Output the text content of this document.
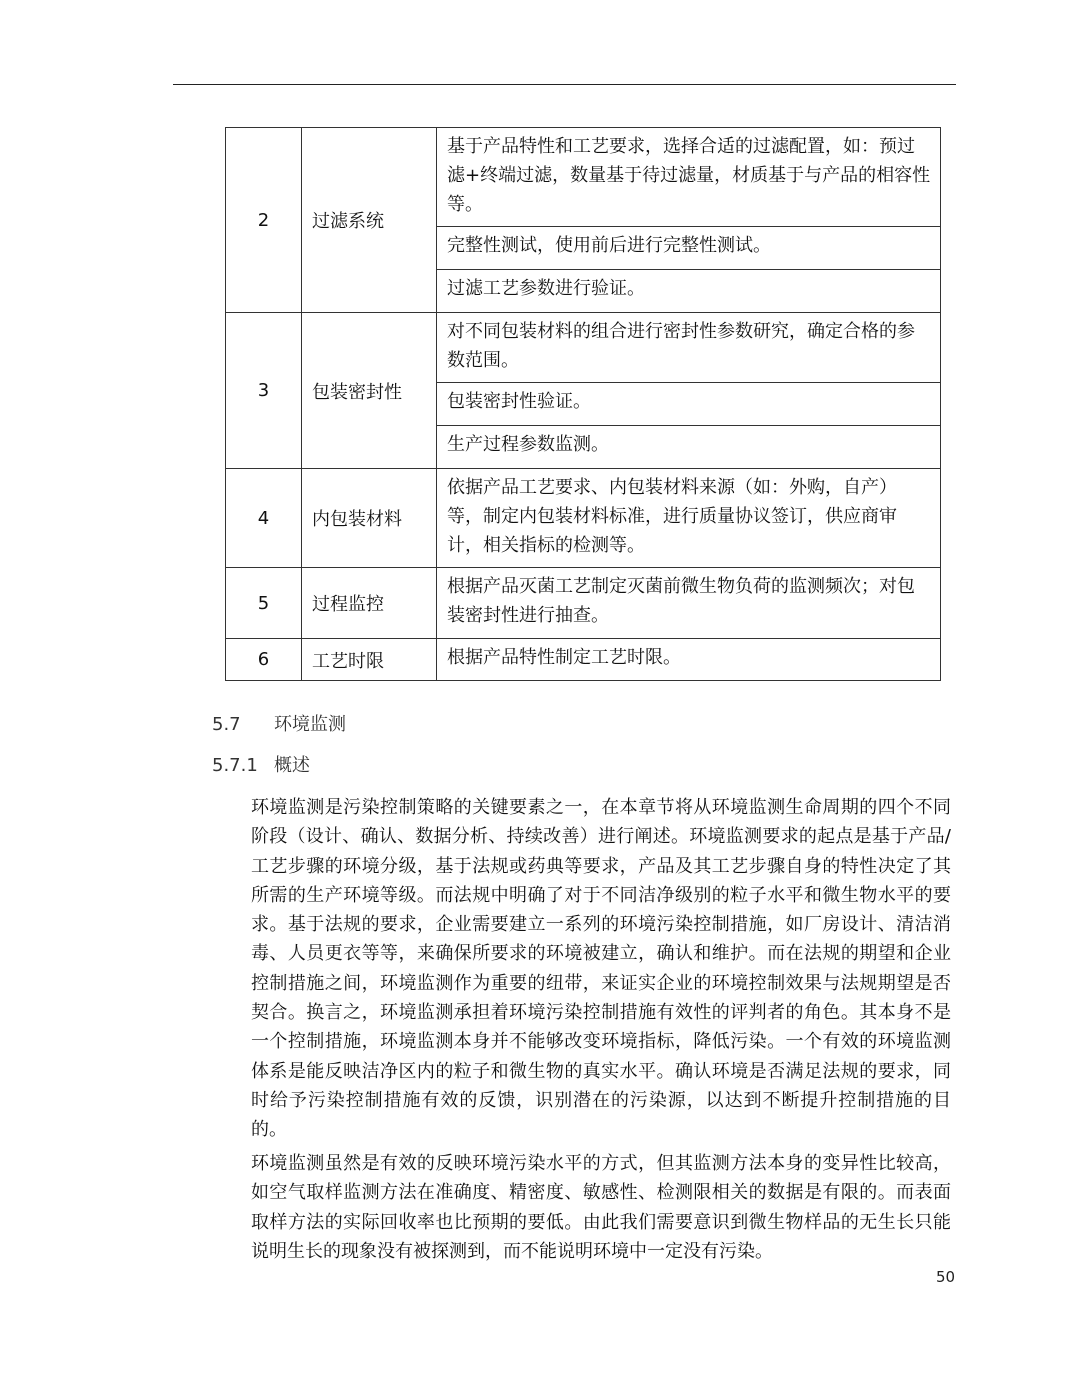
2	过滤系统	基于产品特性和工艺要求，选择合适的过滤配置，如：预过滤+终端过滤，数量基于待过滤量，材质基于与产品的相容性等。
完整性测试，使用前后进行完整性测试。
过滤工艺参数进行验证。

3	包装密封性	对不同包装材料的组合进行密封性参数研究，确定合格的参数范围。
包装密封性验证。
生产过程参数监测。

4	内包装材料	依据产品工艺要求、内包装材料来源（如：外购，自产）等，制定内包装材料标准，进行质量协议签订，供应商审计，相关指标的检测等。

5	过程监控	根据产品灭菌工艺制定灭菌前微生物负荷的监测频次；对包装密封性进行抽查。

6	工艺时限	根据产品特性制定工艺时限。
5.7 环境监测
5.7.1 概述
环境监测是污染控制策略的关键要素之一，在本章节将从环境监测生命周期的四个不同阶段（设计、确认、数据分析、持续改善）进行阐述。环境监测要求的起点是基于产品/工艺步骤的环境分级，基于法规或药典等要求，产品及其工艺步骤自身的特性决定了其所需的生产环境等级。而法规中明确了对于不同洁净级别的粒子水平和微生物水平的要求。基于法规的要求，企业需要建立一系列的环境污染控制措施，如厂房设计、清洁消毒、人员更衣等等，来确保所要求的环境被建立，确认和维护。而在法规的期望和企业控制措施之间，环境监测作为重要的纽带，来证实企业的环境控制效果与法规期望是否契合。换言之，环境监测承担着环境污染控制措施有效性的评判者的角色。其本身不是一个控制措施，环境监测本身并不能够改变环境指标，降低污染。一个有效的环境监测体系是能反映洁净区内的粒子和微生物的真实水平。确认环境是否满足法规的要求，同时给予污染控制措施有效的反馈，识别潜在的污染源，以达到不断提升控制措施的目的。
环境监测虽然是有效的反映环境污染水平的方式，但其监测方法本身的变异性比较高，如空气取样监测方法在准确度、精密度、敏感性、检测限相关的数据是有限的。而表面取样方法的实际回收率也比预期的要低。由此我们需要意识到微生物样品的无生长只能说明生长的现象没有被探测到，而不能说明环境中一定没有污染。
50
